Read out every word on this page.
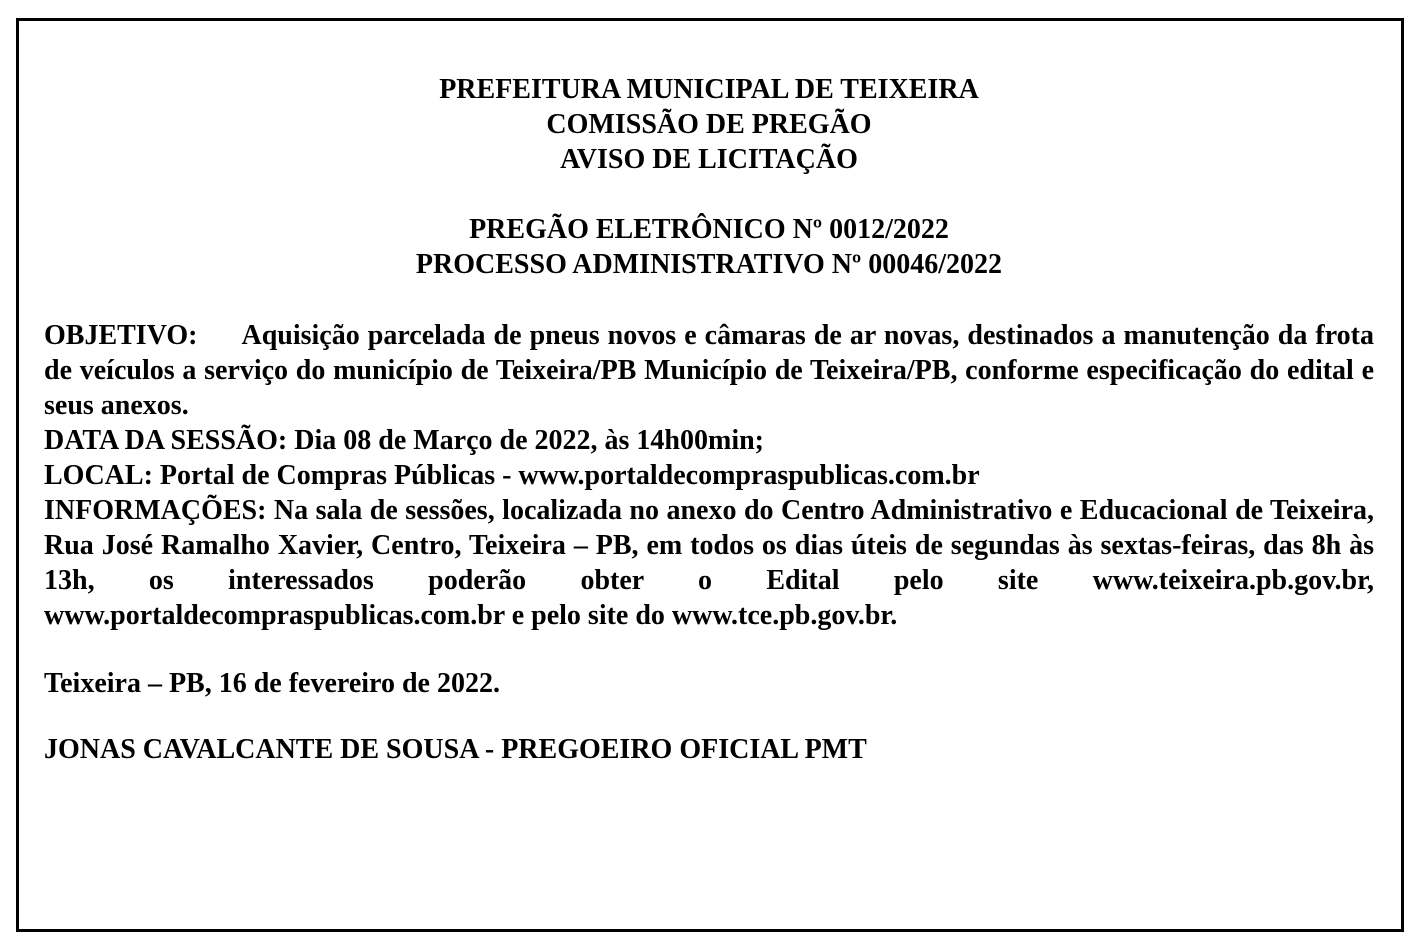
PREFEITURA MUNICIPAL DE TEIXEIRA
COMISSÃO DE PREGÃO
AVISO DE LICITAÇÃO
PREGÃO ELETRÔNICO Nº 0012/2022
PROCESSO ADMINISTRATIVO Nº 00046/2022

OBJETIVO: Aquisição parcelada de pneus novos e câmaras de ar novas, destinados a manutenção da frota de veículos a serviço do município de Teixeira/PB Município de Teixeira/PB, conforme especificação do edital e seus anexos.

DATA DA SESSÃO: Dia 08 de Março de 2022, às 14h00min;

LOCAL: Portal de Compras Públicas - www.portaldecompraspublicas.com.br

INFORMAÇÕES: Na sala de sessões, localizada no anexo do Centro Administrativo e Educacional de Teixeira, Rua José Ramalho Xavier, Centro, Teixeira – PB, em todos os dias úteis de segundas às sextas-feiras, das 8h às 13h, os interessados poderão obter o Edital pelo site www.teixeira.pb.gov.br, www.portaldecompraspublicas.com.br e pelo site do www.tce.pb.gov.br.

Teixeira – PB, 16 de fevereiro de 2022.
JONAS CAVALCANTE DE SOUSA - PREGOEIRO OFICIAL PMT
